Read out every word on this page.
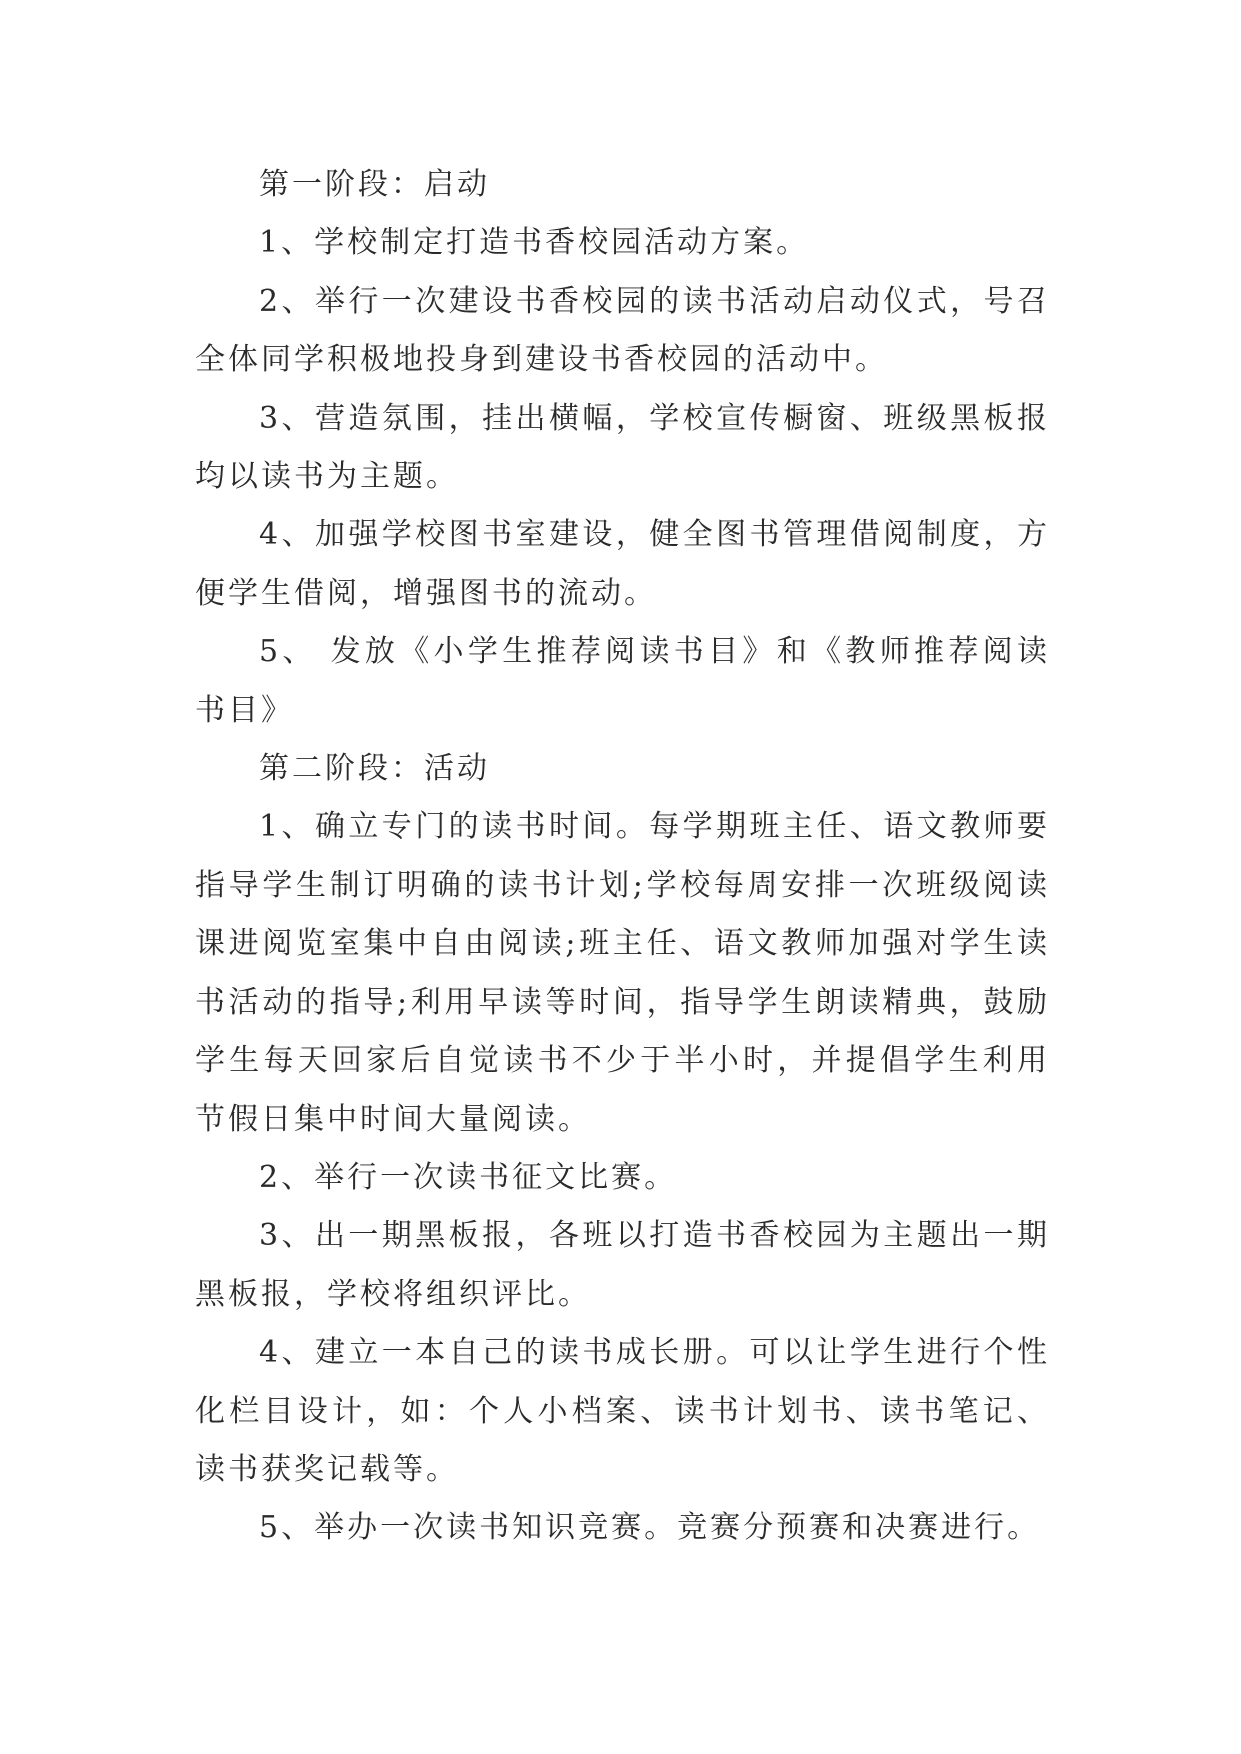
第一阶段：启动

1、学校制定打造书香校园活动方案。

2、举行一次建设书香校园的读书活动启动仪式，号召全体同学积极地投身到建设书香校园的活动中。

3、营造氛围，挂出横幅，学校宣传橱窗、班级黑板报均以读书为主题。

4、加强学校图书室建设，健全图书管理借阅制度，方便学生借阅，增强图书的流动。

5、 发放《小学生推荐阅读书目》和《教师推荐阅读书目》

第二阶段：活动

1、确立专门的读书时间。每学期班主任、语文教师要指导学生制订明确的读书计划;学校每周安排一次班级阅读课进阅览室集中自由阅读;班主任、语文教师加强对学生读书活动的指导;利用早读等时间，指导学生朗读精典，鼓励学生每天回家后自觉读书不少于半小时，并提倡学生利用节假日集中时间大量阅读。

2、举行一次读书征文比赛。

3、出一期黑板报，各班以打造书香校园为主题出一期黑板报，学校将组织评比。

4、建立一本自己的读书成长册。可以让学生进行个性化栏目设计，如：个人小档案、读书计划书、读书笔记、读书获奖记载等。

5、举办一次读书知识竞赛。竞赛分预赛和决赛进行。
